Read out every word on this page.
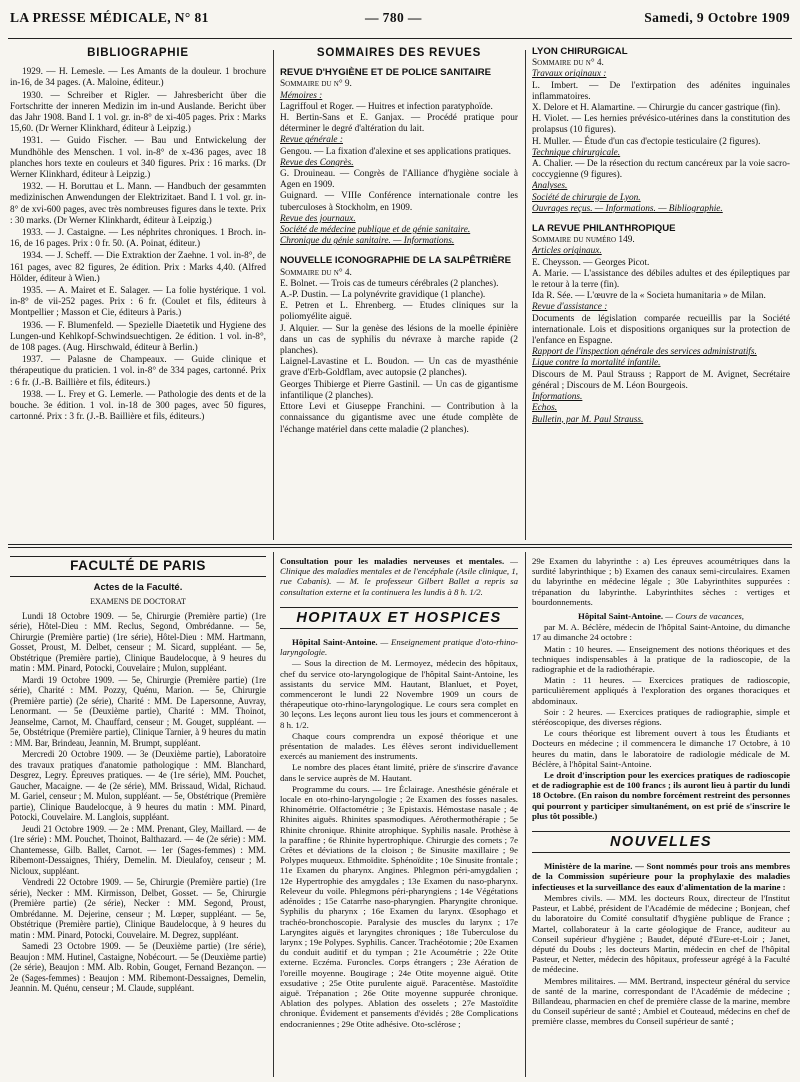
LA PRESSE MÉDICALE, N° 81	— 780 —	Samedi, 9 Octobre 1909
BIBLIOGRAPHIE

1929. — H. Lemesle. — Les Amants de la douleur. 1 brochure in-16, de 34 pages. (A. Maloine, éditeur.)

1930. — Schreiber et Rigler. — Jahresbericht über die Fortschritte der inneren Medizin im in-und Auslande. Bericht über das Jahr 1908. Band I. 1 vol. gr. in-8° de xi-405 pages. Prix : Marks 15,60. (Dr Werner Klinkhard, éditeur à Leipzig.)

1931. — Guido Fischer. — Bau und Entwickelung der Mundhöhle des Menschen. 1 vol. in-8° de x-436 pages, avec 18 planches hors texte en couleurs et 340 figures. Prix : 16 marks. (Dr Werner Klinkhard, éditeur à Leipzig.)

1932. — H. Boruttau et L. Mann. — Handbuch der gesammten medizinischen Anwendungen der Elektrizitaet. Band I. 1 vol. gr. in-8° de xvi-600 pages, avec très nombreuses figures dans le texte. Prix : 30 marks. (Dr Werner Klinkhardt, éditeur à Leipzig.)

1933. — J. Castaigne. — Les néphrites chroniques. 1 Broch. in-16, de 16 pages. Prix : 0 fr. 50. (A. Poinat, éditeur.)

1934. — J. Scheff. — Die Extraktion der Zaehne. 1 vol. in-8°, de 161 pages, avec 82 figures, 2e édition. Prix : Marks 4,40. (Alfred Hölder, éditeur à Wien.)

1935. — A. Mairet et E. Salager. — La folie hystérique. 1 vol. in-8° de vii-252 pages. Prix : 6 fr. (Coulet et fils, éditeurs à Montpellier ; Masson et Cie, éditeurs à Paris.)

1936. — F. Blumenfeld. — Spezielle Diaetetik und Hygiene des Lungen-und Kehlkopf-Schwindsuechtigen. 2e édition. 1 vol. in-8°, de 108 pages. (Aug. Hirschwald, éditeur à Berlin.)

1937. — Palasne de Champeaux. — Guide clinique et thérapeutique du praticien. 1 vol. in-8° de 334 pages, cartonné. Prix : 6 fr. (J.-B. Baillière et fils, éditeurs.)

1938. — L. Frey et G. Lemerle. — Pathologie des dents et de la bouche. 3e édition. 1 vol. in-18 de 300 pages, avec 50 figures, cartonné. Prix : 3 fr. (J.-B. Baillière et fils, éditeurs.)

SOMMAIRES DES REVUES
REVUE D'HYGIÈNE ET DE POLICE SANITAIRE

Sommaire du n° 9.

Mémoires :

Lagriffoul et Roger. — Huitres et infection paratyphoïde.

H. Bertin-Sans et E. Ganjax. — Procédé pratique pour déterminer le degré d'altération du lait.

Revue générale :

Gengou. — La fixation d'alexine et ses applications pratiques.

Revue des Congrès.

G. Drouineau. — Congrès de l'Alliance d'hygiène sociale à Agen en 1909.

Guignard. — VIIIe Conférence internationale contre les tuberculoses à Stockholm, en 1909.

Revue des journaux.

Société de médecine publique et de génie sanitaire.

Chronique du génie sanitaire. — Informations.

NOUVELLE ICONOGRAPHIE DE LA SALPÊTRIÈRE

Sommaire du n° 4.

E. Bolnet. — Trois cas de tumeurs cérébrales (2 planches).

A.-P. Dustin. — La polynévrite gravidique (1 planche).

E. Petren et L. Ehrenberg. — Etudes cliniques sur la poliomyélite aiguë.

J. Alquier. — Sur la genèse des lésions de la moelle épinière dans un cas de syphilis du névraxe à marche rapide (2 planches).

Laignel-Lavastine et L. Boudon. — Un cas de myasthénie grave d'Erb-Goldflam, avec autopsie (2 planches).

Georges Thibierge et Pierre Gastinil. — Un cas de gigantisme infantilique (2 planches).

Ettore Levi et Giuseppe Franchini. — Contribution à la connaissance du gigantisme avec une étude complète de l'échange matériel dans cette maladie (2 planches).

LYON CHIRURGICAL

Sommaire du n° 4.

Travaux originaux :

L. Imbert. — De l'extirpation des adénites inguinales inflammatoires.

X. Delore et H. Alamartine. — Chirurgie du cancer gastrique (fin).

H. Violet. — Les hernies prévésico-utérines dans la constitution des prolapsus (10 figures).

H. Muller. — Étude d'un cas d'ectopie testiculaire (2 figures).

Technique chirurgicale.

A. Chalier. — De la résection du rectum cancéreux par la voie sacro-coccygienne (9 figures).

Analyses.

Société de chirurgie de Lyon.

Ouvrages reçus. — Informations. — Bibliographie.

LA REVUE PHILANTHROPIQUE

Sommaire du numéro 149.

Articles originaux.

E. Cheysson. — Georges Picot.

A. Marie. — L'assistance des débiles adultes et des épileptiques par le retour à la terre (fin).

Ida R. Sée. — L'œuvre de la « Societa humanitaria » de Milan.

Revue d'assistance :

Documents de législation comparée recueillis par la Société internationale. Lois et dispositions organiques sur la protection de l'enfance en Espagne.

Rapport de l'inspection générale des services administratifs.

Ligue contre la mortalité infantile.

Discours de M. Paul Strauss ; Rapport de M. Avignet, Secrétaire général ; Discours de M. Léon Bourgeois.

Informations.

Echos.

Bulletin, par M. Paul Strauss.

FACULTÉ DE PARIS
Actes de la Faculté.
EXAMENS DE DOCTORAT

Lundi 18 Octobre 1909. — 5e, Chirurgie (Première partie) (1re série), Hôtel-Dieu : MM. Reclus, Segond, Ombrédanne. — 5e, Chirurgie (Première partie) (1re série), Hôtel-Dieu : MM. Hartmann, Gosset, Proust, M. Delbet, censeur ; M. Sicard, suppléant. — 5e, Obstétrique (Première partie), Clinique Baudelocque, à 9 heures du matin : MM. Pinard, Potocki, Couvelaire ; Mulon, suppléant.

Mardi 19 Octobre 1909. — 5e, Chirurgie (Première partie) (1re série), Charité : MM. Pozzy, Quénu, Marion. — 5e, Chirurgie (Première partie) (2e série), Charité : MM. De Lapersonne, Auvray, Lenormant. — 5e (Deuxième partie), Charité : MM. Thoinot, Jeanselme, Carnot, M. Chauffard, censeur ; M. Gouget, suppléant. — 5e, Obstétrique (Première partie), Clinique Tarnier, à 9 heures du matin : MM. Bar, Brindeau, Jeannin, M. Brumpt, suppléant.

Mercredi 20 Octobre 1909. — 3e (Deuxième partie), Laboratoire des travaux pratiques d'anatomie pathologique : MM. Blanchard, Desgrez, Legry. Épreuves pratiques. — 4e (1re série), MM. Pouchet, Gaucher, Macaigne. — 4e (2e série), MM. Brissaud, Widal, Richaud. M. Gariel, censeur ; M. Mulon, suppléant. — 5e, Obstétrique (Première partie), Clinique Baudelocque, à 9 heures du matin : MM. Pinard, Potocki, Couvelaire. M. Langlois, suppléant.

Jeudi 21 Octobre 1909. — 2e : MM. Prenant, Gley, Maillard. — 4e (1re série) : MM. Pouchet, Thoinot, Balthazard. — 4e (2e série) : MM. Chantemesse, Gilb. Ballet, Carnot. — 1er (Sages-femmes) : MM. Ribemont-Dessaignes, Thiéry, Demelin. M. Dieulafoy, censeur ; M. Nicloux, suppléant.

Vendredi 22 Octobre 1909. — 5e, Chirurgie (Première partie) (1re série), Necker : MM. Kirmisson, Delbet, Gosset. — 5e, Chirurgie (Première partie) (2e série), Necker : MM. Segond, Proust, Ombrédanne. M. Dejerine, censeur ; M. Lœper, suppléant. — 5e, Obstétrique (Première partie), Clinique Baudelocque, à 9 heures du matin : MM. Pinard, Potocki, Couvelaire. M. Degrez, suppléant.

Samedi 23 Octobre 1909. — 5e (Deuxième partie) (1re série), Beaujon : MM. Hutinel, Castaigne, Nobécourt. — 5e (Deuxième partie) (2e série), Beaujon : MM. Alb. Robin, Gouget, Fernand Bezançon. — 2e (Sages-femmes) : Beaujon : MM. Ribemont-Dessaignes, Demelin, Jeannin. M. Quénu, censeur ; M. Claude, suppléant.

Consultation pour les maladies nerveuses et mentales. — Clinique des maladies mentales et de l'encéphale (Asile clinique, 1, rue Cabanis). — M. le professeur Gilbert Ballet a repris sa consultation externe et la continuera les lundis à 8 h. 1/2.

HOPITAUX ET HOSPICES

Hôpital Saint-Antoine. — Enseignement pratique d'oto-rhino-laryngologie.

— Sous la direction de M. Lermoyez, médecin des hôpitaux, chef du service oto-laryngologique de l'hôpital Saint-Antoine, les assistants du service MM. Hautant, Blanluet, et Poyet, commenceront le lundi 22 Novembre 1909 un cours de thérapeutique oto-rhino-laryngologique. Le cours sera complet en 30 leçons. Les leçons auront lieu tous les jours et commenceront à 8 h. 1/2.

Chaque cours comprendra un exposé théorique et une présentation de malades. Les élèves seront individuellement exercés au maniement des instruments.

Le nombre des places étant limité, prière de s'inscrire d'avance dans le service auprès de M. Hautant.

Programme du cours. — 1re Éclairage. Anesthésie générale et locale en oto-rhino-laryngologie ; 2e Examen des fosses nasales. Rhinométrie. Olfactométrie ; 3e Epistaxis. Hémostase nasale ; 4e Rhinites aiguës. Rhinites spasmodiques. Aérothermothérapie ; 5e Rhinite chronique. Rhinite atrophique. Syphilis nasale. Prothèse à la paraffine ; 6e Rhinite hypertrophique. Chirurgie des cornets ; 7e Crêtes et déviations de la cloison ; 8e Sinusite maxillaire ; 9e Polypes muqueux. Ethmoïdite. Sphénoïdite ; 10e Sinusite frontale ; 11e Examen du pharynx. Angines. Phlegmon péri-amygdalien ; 12e Hypertrophie des amygdales ; 13e Examen du naso-pharynx. Releveur du voile. Phlegmons péri-pharyngiens ; 14e Végétations adénoïdes ; 15e Catarrhe naso-pharyngien. Pharyngite chronique. Syphilis du pharynx ; 16e Examen du larynx. Œsophago et trachéo-bronchoscopie. Paralysie des muscles du larynx ; 17e Laryngites aiguës et laryngites chroniques ; 18e Tuberculose du larynx ; 19e Polypes. Syphilis. Cancer. Trachéotomie ; 20e Examen du conduit auditif et du tympan ; 21e Acoumétrie ; 22e Otite externe. Eczéma. Furoncles. Corps étrangers ; 23e Aération de l'oreille moyenne. Bougirage ; 24e Otite moyenne aiguë. Otite exsudative ; 25e Otite purulente aiguë. Paracentèse. Mastoïdite aiguë. Trépanation ; 26e Otite moyenne suppurée chronique. Ablation des polypes. Ablation des osselets ; 27e Mastoïdite chronique. Évidement et pansements d'évidés ; 28e Complications endocraniennes ; 29e Otite adhésive. Oto-sclérose ;

29e Examen du labyrinthe : a) Les épreuves acoumétriques dans la surdité labyrinthique ; b) Examen des canaux semi-circulaires. Examen du labyrinthe en médecine légale ; 30e Labyrinthites suppurées : trépanation du labyrinthe. Labyrinthites sèches : vertiges et bourdonnements.

Hôpital Saint-Antoine. — Cours de vacances,

par M. A. Béclère, médecin de l'hôpital Saint-Antoine, du dimanche 17 au dimanche 24 octobre :

Matin : 10 heures. — Enseignement des notions théoriques et des techniques indispensables à la pratique de la radioscopie, de la radiographie et de la radiothérapie.

Matin : 11 heures. — Exercices pratiques de radioscopie, particulièrement appliqués à l'exploration des organes thoraciques et abdominaux.

Soir : 2 heures. — Exercices pratiques de radiographie, simple et stéréoscopique, des diverses régions.

Le cours théorique est librement ouvert à tous les Étudiants et Docteurs en médecine ; il commencera le dimanche 17 Octobre, à 10 heures du matin, dans le laboratoire de radiologie médicale de M. Béclère, à l'hôpital Saint-Antoine.

Le droit d'inscription pour les exercices pratiques de radioscopie et de radiographie est de 100 francs ; ils auront lieu à partir du lundi 18 Octobre. (En raison du nombre forcément restreint des personnes qui pourront y participer simultanément, on est prié de s'inscrire le plus tôt possible.)

NOUVELLES

Ministère de la marine. — Sont nommés pour trois ans membres de la Commission supérieure pour la prophylaxie des maladies infectieuses et la surveillance des eaux d'alimentation de la marine :

Membres civils. — MM. les docteurs Roux, directeur de l'Institut Pasteur, et Labbé, président de l'Académie de médecine ; Bonjean, chef du laboratoire du Comité consultatif d'hygiène publique de France ; Martel, collaborateur à la carte géologique de France, auditeur au Conseil supérieur d'hygiène ; Baudet, député d'Eure-et-Loir ; Janet, député du Doubs ; les docteurs Martin, médecin en chef de l'hôpital Pasteur, et Netter, médecin des hôpitaux, professeur agrégé à la Faculté de médecine.

Membres militaires. — MM. Bertrand, inspecteur général du service de santé de la marine, correspondant de l'Académie de médecine ; Billandeau, pharmacien en chef de première classe de la marine, membre du Conseil supérieur de santé ; Ambiel et Couteaud, médecins en chef de première classe, membres du Conseil supérieur de santé ;
